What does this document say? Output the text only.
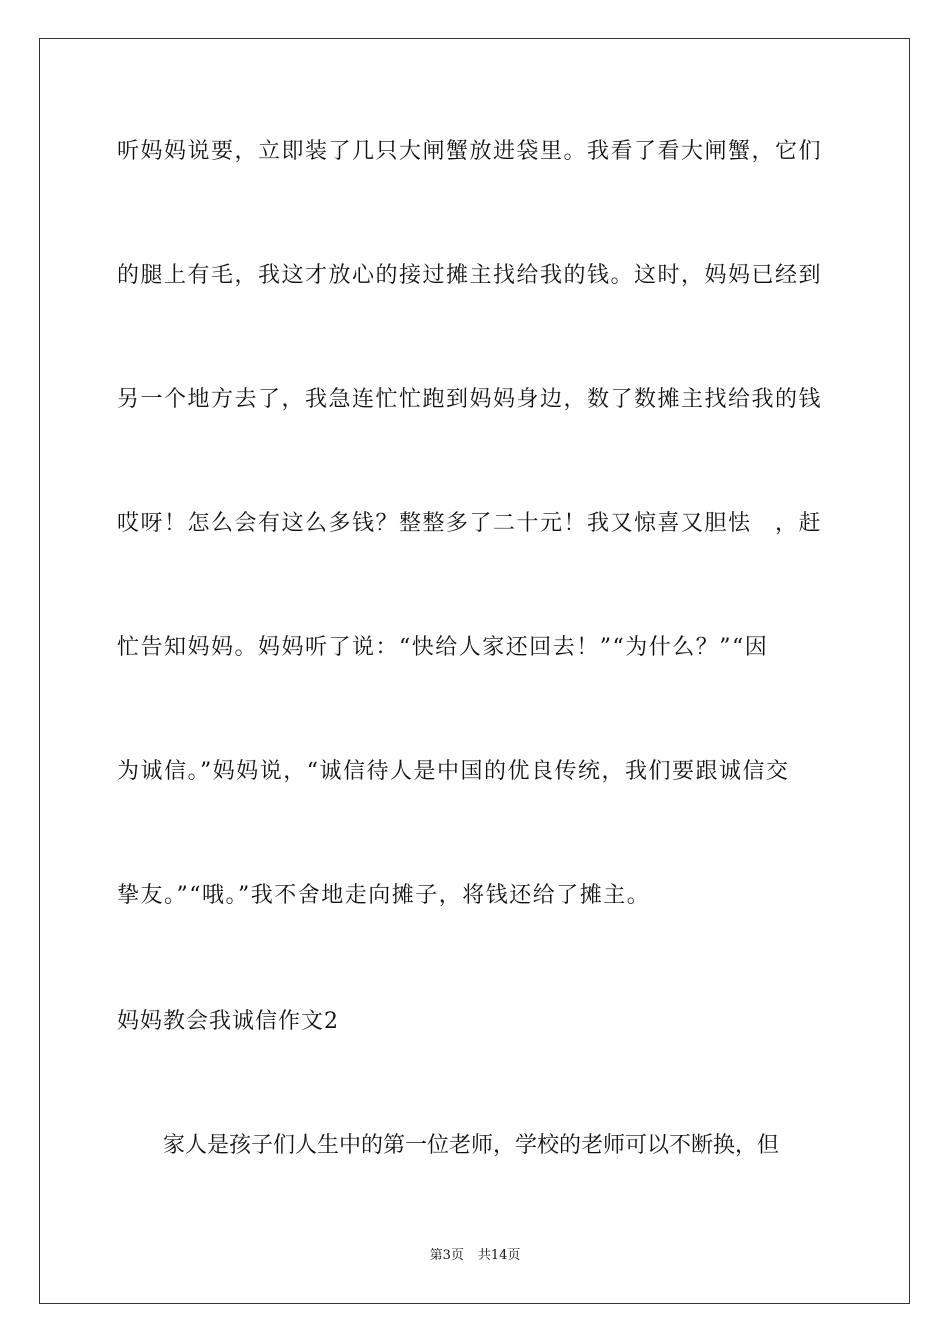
听妈妈说要，立即装了几只大闸蟹放进袋里。我看了看大闸蟹，它们
的腿上有毛，我这才放心的接过摊主找给我的钱。这时，妈妈已经到
另一个地方去了，我急连忙忙跑到妈妈身边，数了数摊主找给我的钱
哎呀！怎么会有这么多钱？整整多了二十元！我又惊喜又胆怯　，赶
忙告知妈妈。妈妈听了说：“快给人家还回去！”“为什么？”“因
为诚信。”妈妈说，“诚信待人是中国的优良传统，我们要跟诚信交
挚友。”“哦。”我不舍地走向摊子，将钱还给了摊主。
妈妈教会我诚信作文2
家人是孩子们人生中的第一位老师，学校的老师可以不断换，但
第3页 共14页
